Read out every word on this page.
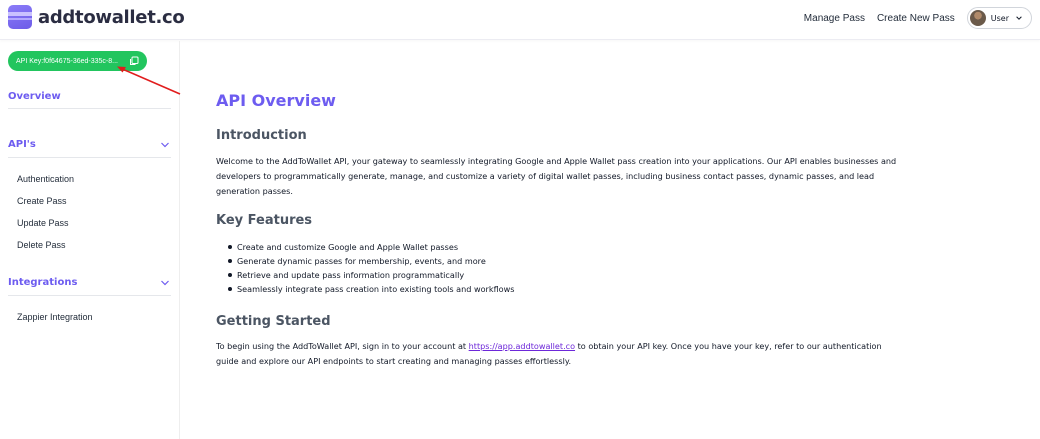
addtowallet.co	Manage Pass Create New Pass	User
API Key:f0f64675-36ed-335c-8...
Overview
API's
Authentication
Create Pass
Update Pass
Delete Pass
Integrations
Zappier Integration
API Overview
Introduction

Welcome to the AddToWallet API, your gateway to seamlessly integrating Google and Apple Wallet pass creation into your applications. Our API enables businesses and developers to programmatically generate, manage, and customize a variety of digital wallet passes, including business contact passes, dynamic passes, and lead generation passes.

Key Features
Create and customize Google and Apple Wallet passes
Generate dynamic passes for membership, events, and more
Retrieve and update pass information programmatically
Seamlessly integrate pass creation into existing tools and workflows
Getting Started

To begin using the AddToWallet API, sign in to your account at https://app.addtowallet.co to obtain your API key. Once you have your key, refer to our authentication guide and explore our API endpoints to start creating and managing passes effortlessly.
